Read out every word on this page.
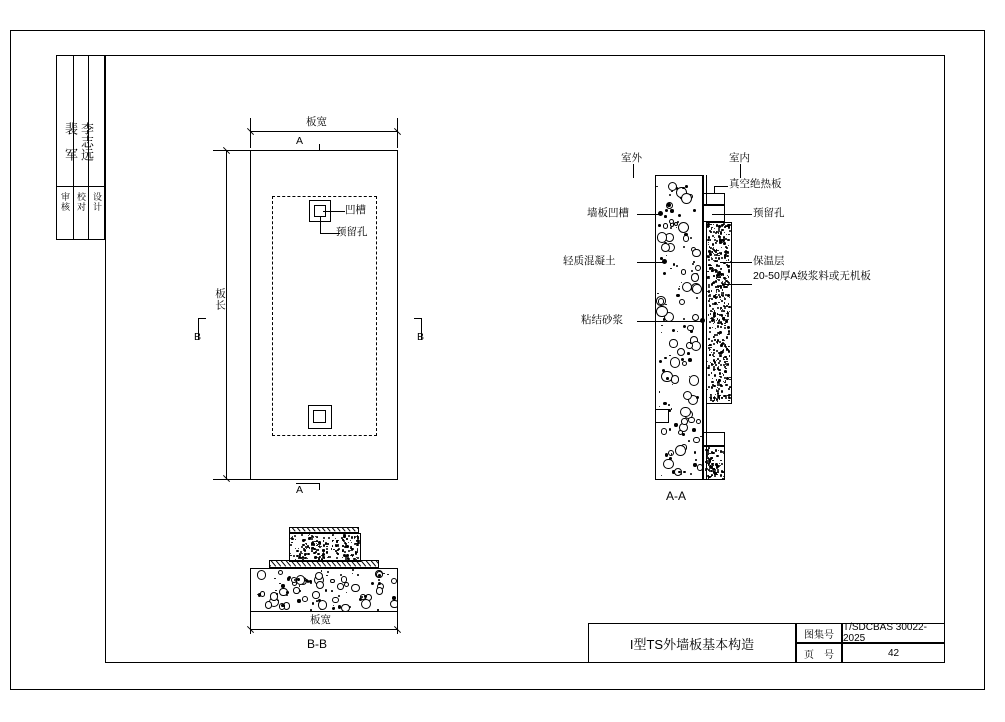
裴　军 李志远
审核 校对 设计
板宽
板长
A
A
B	B
凹槽
预留孔
板宽
B-B
室外	室内
真空绝热板
预留孔
保温层
20-50厚A级浆料或无机板
墙板凹槽
轻质混凝土
粘结砂浆
A-A
I型TS外墙板基本构造
图集号
T/SDCBAS 30022-2025
页　号	42
